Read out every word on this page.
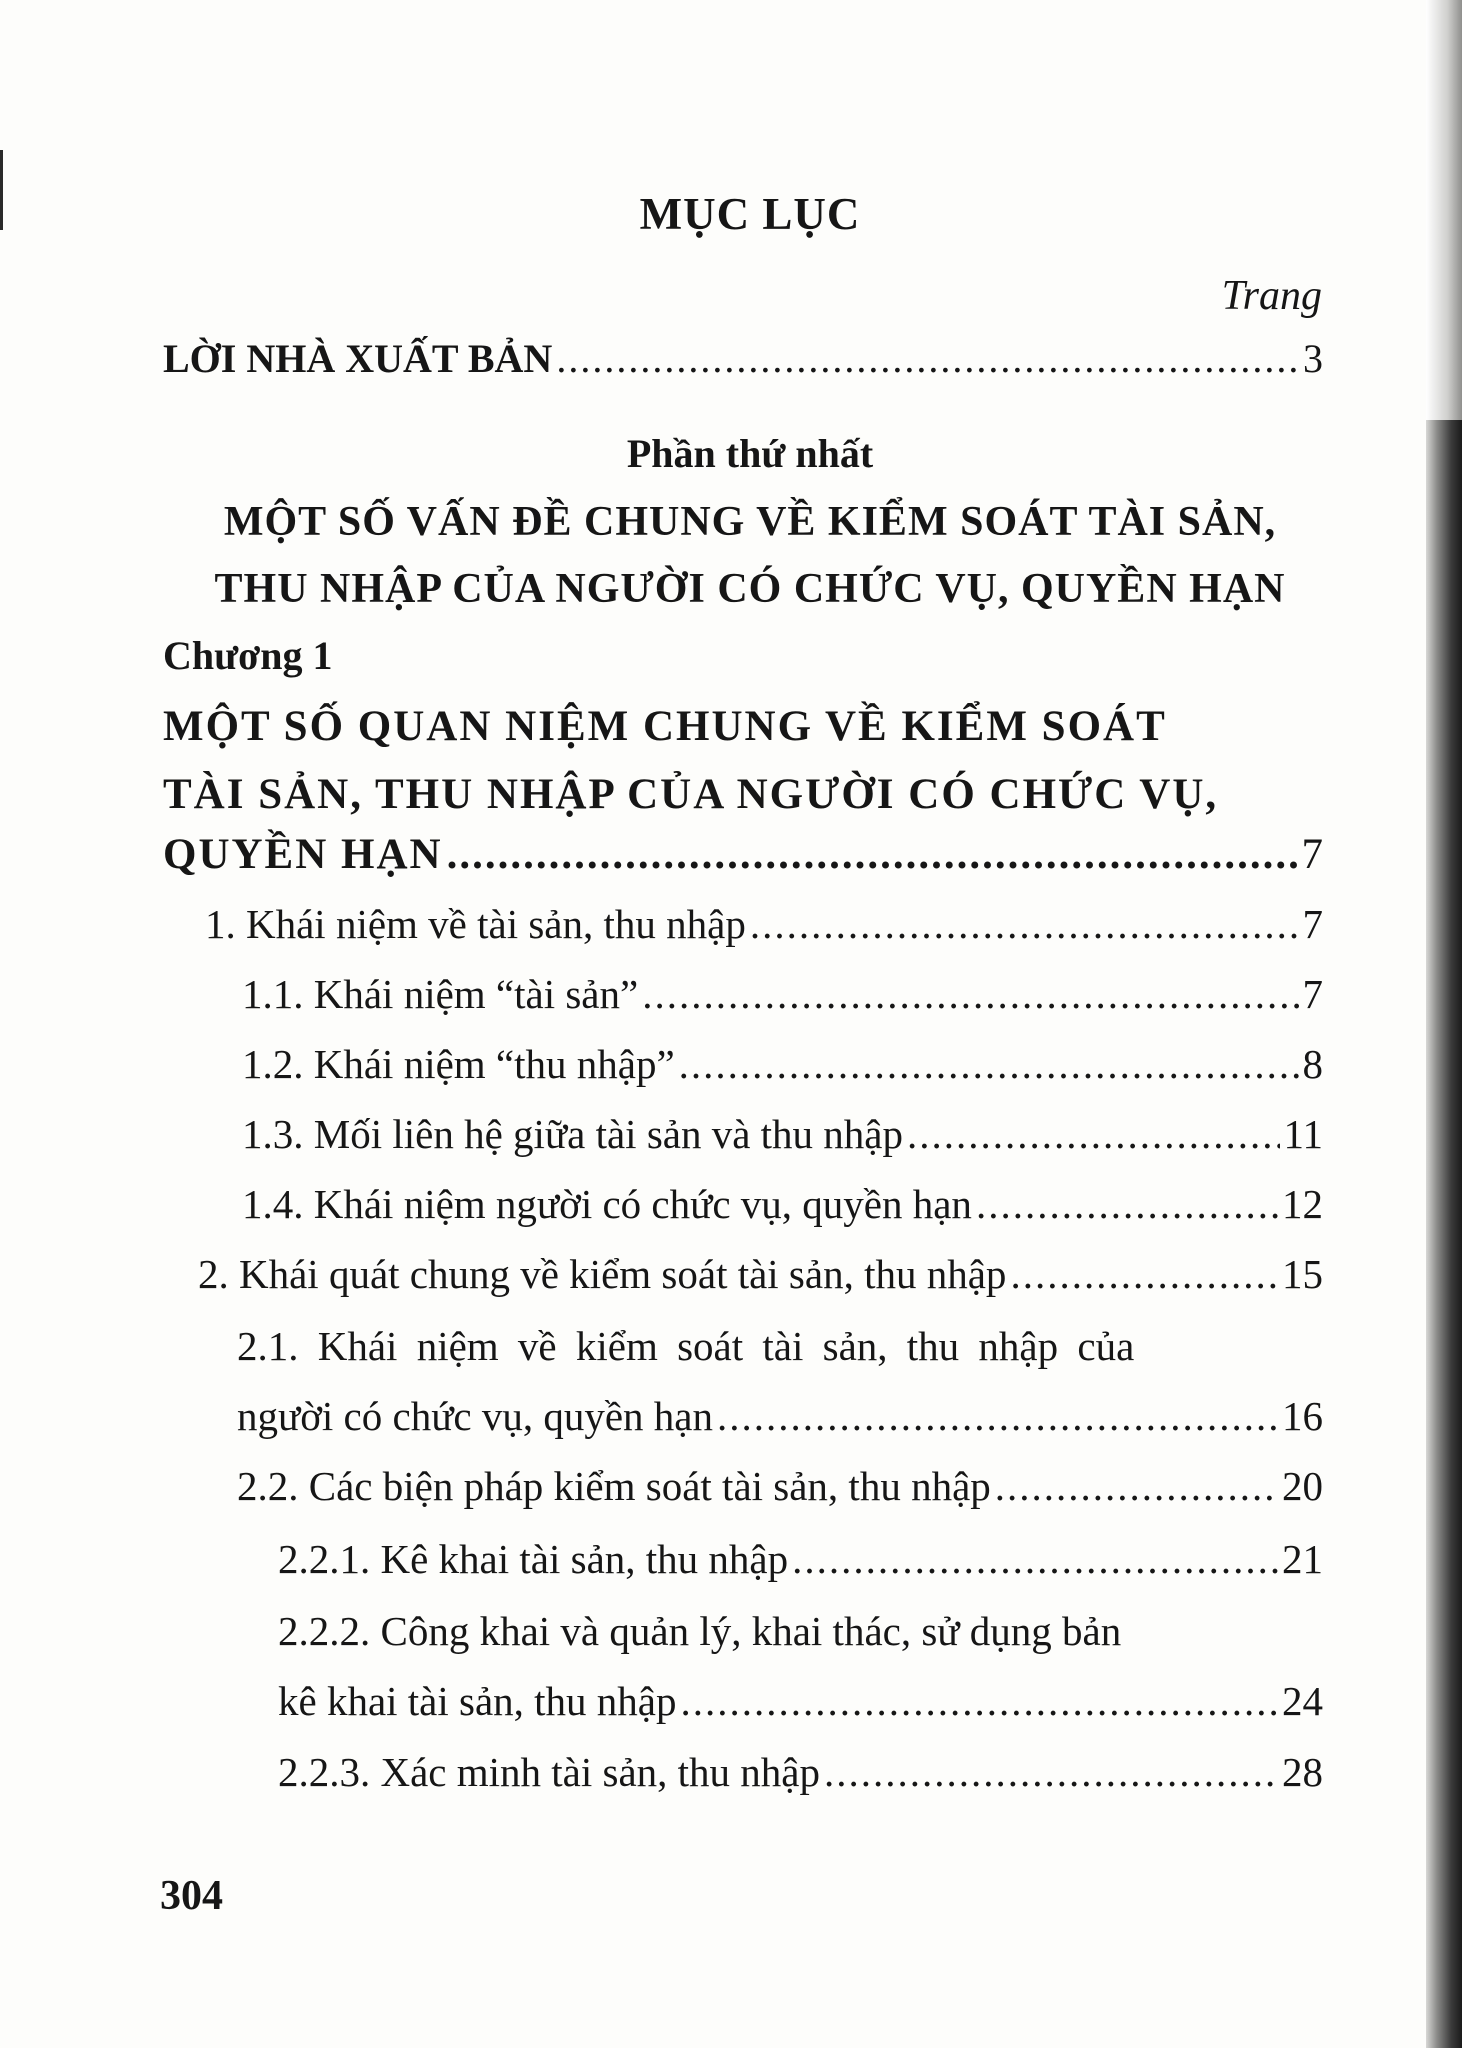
MỤC LỤC
Trang
LỜI NHÀ XUẤT BẢN .....	3
Phần thứ nhất
MỘT SỐ VẤN ĐỀ CHUNG VỀ KIỂM SOÁT TÀI SẢN,
THU NHẬP CỦA NGƯỜI CÓ CHỨC VỤ, QUYỀN HẠN
Chương 1
MỘT SỐ QUAN NIỆM CHUNG VỀ KIỂM SOÁT
TÀI SẢN, THU NHẬP CỦA NGƯỜI CÓ CHỨC VỤ,
QUYỀN HẠN .....	7
1. Khái niệm về tài sản, thu nhập .....	7
1.1. Khái niệm “tài sản” .....	7
1.2. Khái niệm “thu nhập” .....	8
1.3. Mối liên hệ giữa tài sản và thu nhập .....	11
1.4. Khái niệm người có chức vụ, quyền hạn .....	12
2. Khái quát chung về kiểm soát tài sản, thu nhập .....	15
2.1. Khái niệm về kiểm soát tài sản, thu nhập của
người có chức vụ, quyền hạn .....	16
2.2. Các biện pháp kiểm soát tài sản, thu nhập .....	20
2.2.1. Kê khai tài sản, thu nhập .....	21
2.2.2. Công khai và quản lý, khai thác, sử dụng bản
kê khai tài sản, thu nhập .....	24
2.2.3. Xác minh tài sản, thu nhập .....	28
304
